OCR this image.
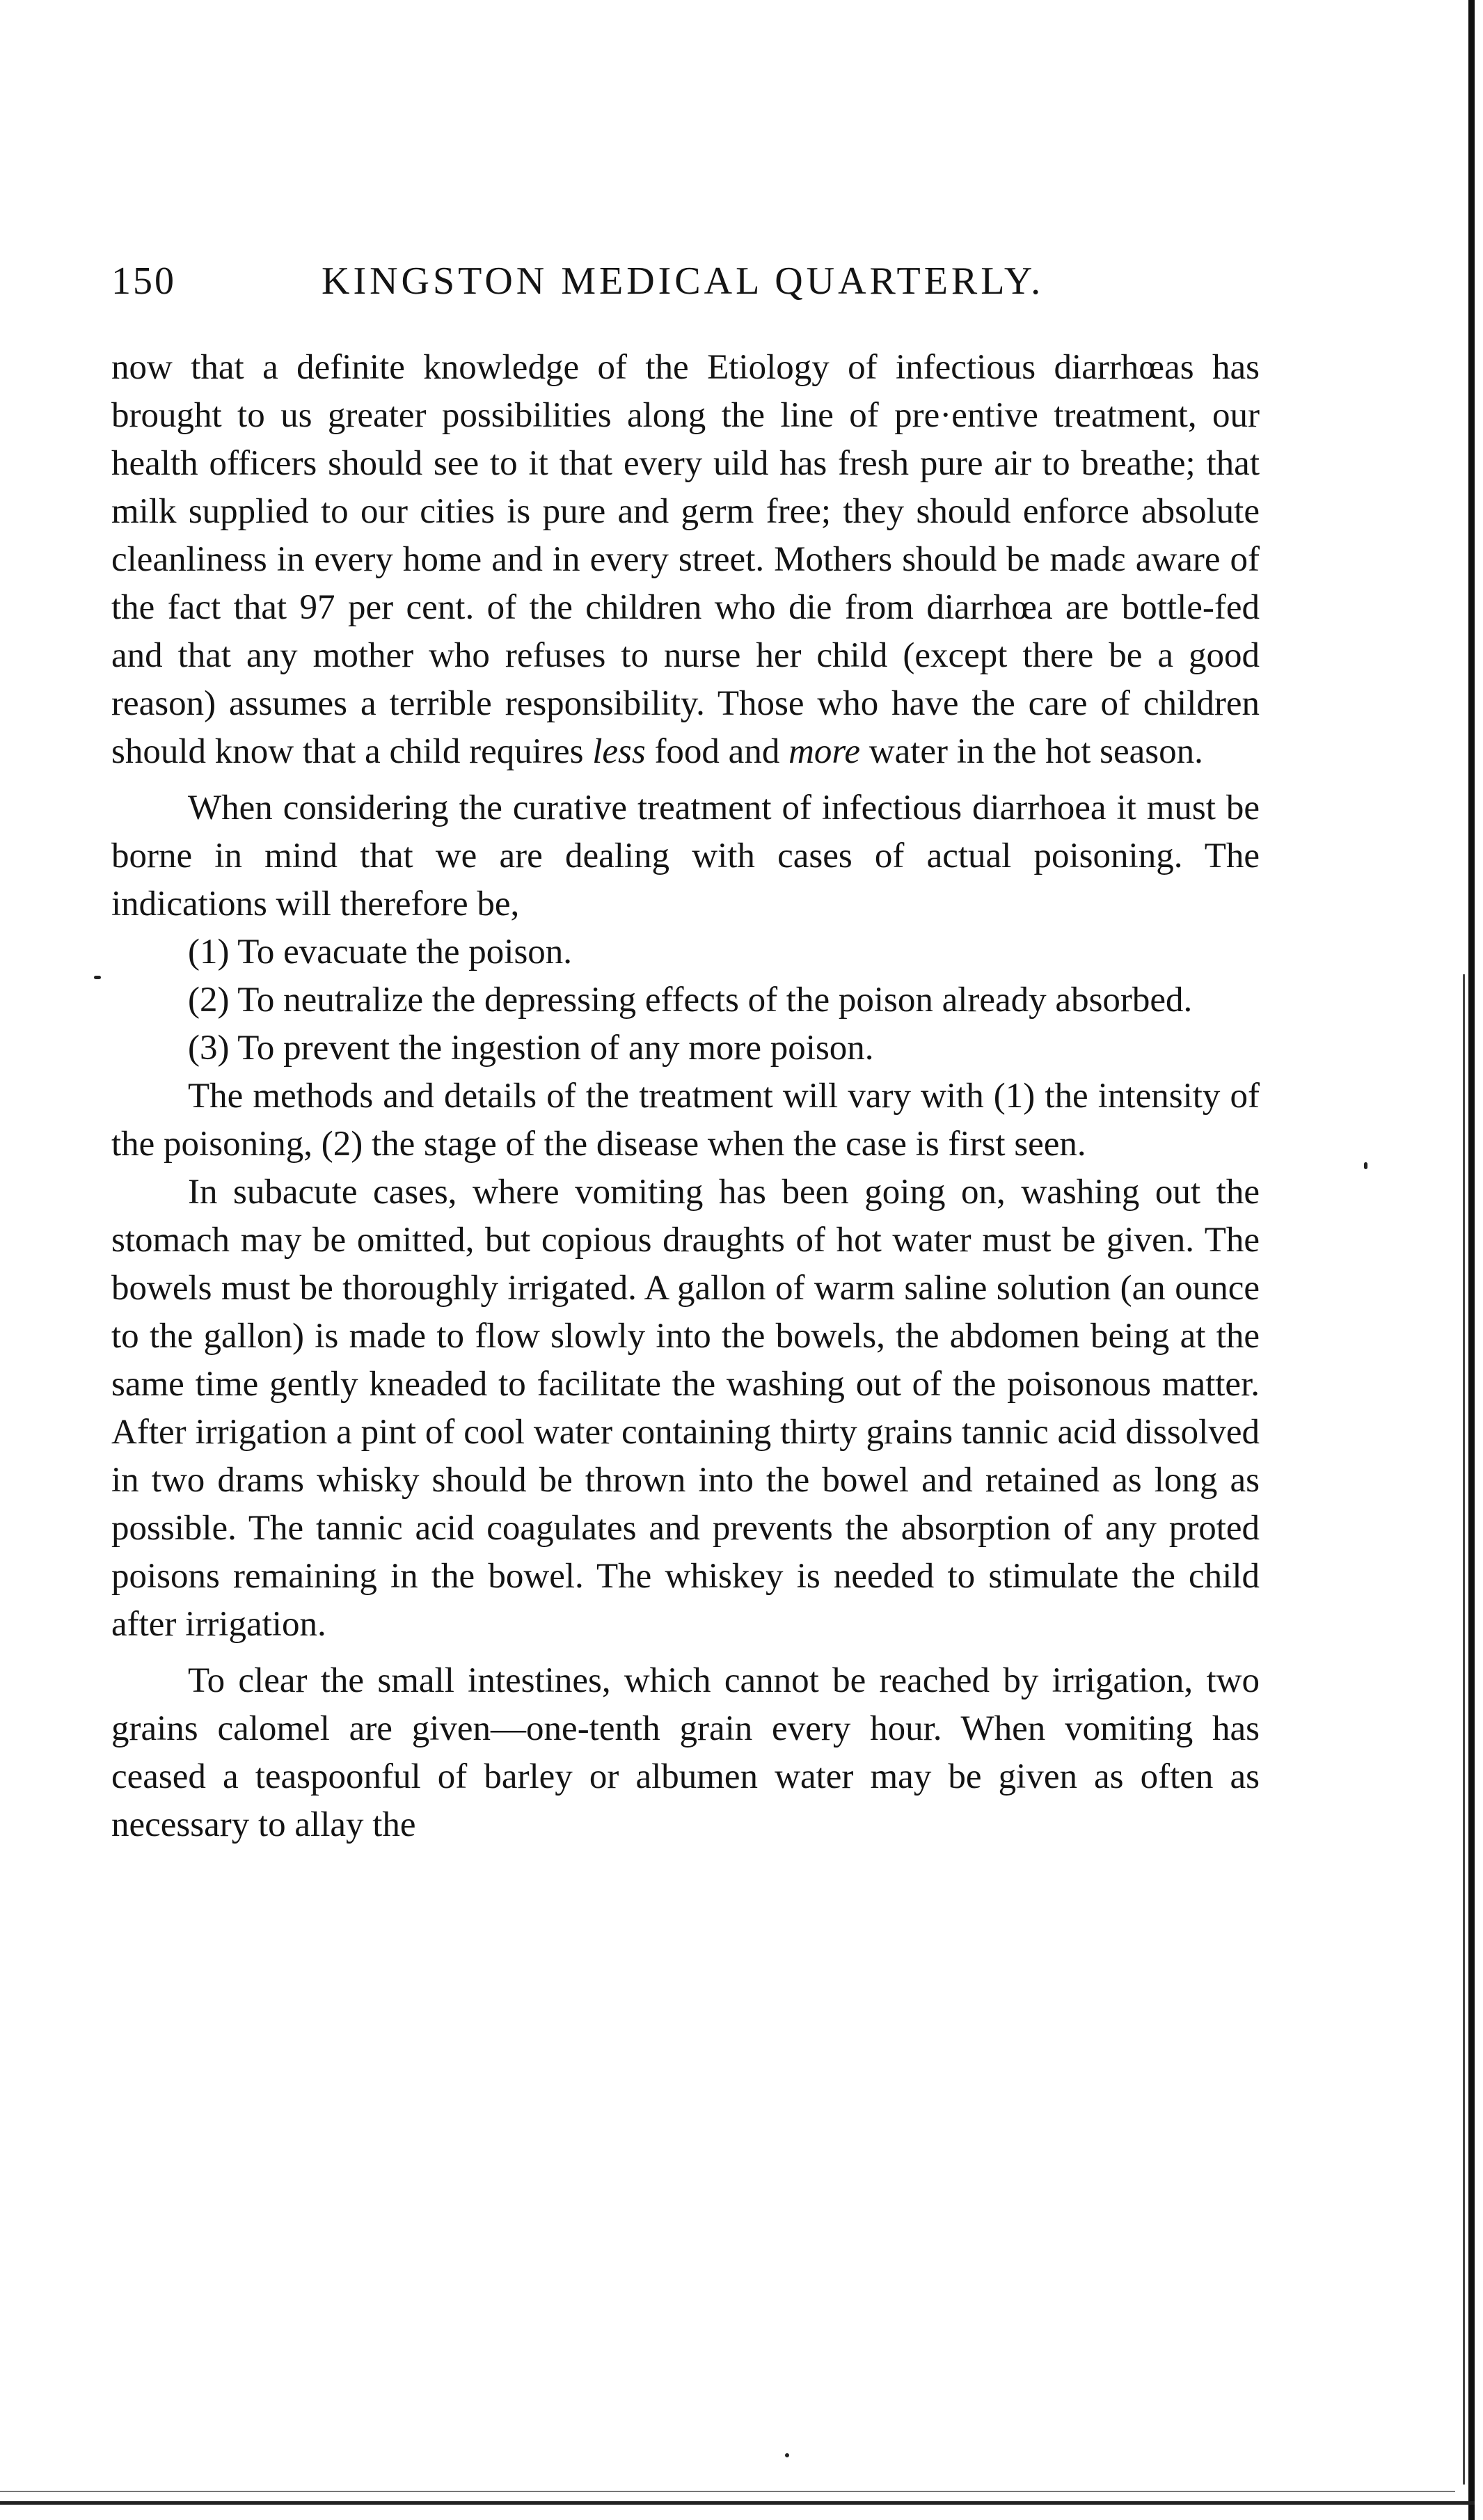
150	KINGSTON MEDICAL QUARTERLY.

now that a definite knowledge of the Etiology of infectious diarrhœas has brought to us greater possibilities along the line of pre·entive treatment, our health officers should see to it that every uild has fresh pure air to breathe; that milk supplied to our cities is pure and germ free; they should enforce absolute cleanliness in every home and in every street. Mothers should be madε aware of the fact that 97 per cent. of the children who die from diarrhœa are bottle-fed and that any mother who refuses to nurse her child (except there be a good reason) assumes a terrible responsibility. Those who have the care of children should know that a child requires less food and more water in the hot season.

When considering the curative treatment of infectious diarrhoea it must be borne in mind that we are dealing with cases of actual poisoning. The indications will therefore be,

(1) To evacuate the poison.

(2) To neutralize the depressing effects of the poison already absorbed.

(3) To prevent the ingestion of any more poison.

The methods and details of the treatment will vary with (1) the intensity of the poisoning, (2) the stage of the disease when the case is first seen.

In subacute cases, where vomiting has been going on, washing out the stomach may be omitted, but copious draughts of hot water must be given. The bowels must be thoroughly irrigated. A gallon of warm saline solution (an ounce to the gallon) is made to flow slowly into the bowels, the abdomen being at the same time gently kneaded to facilitate the washing out of the poisonous matter. After irrigation a pint of cool water containing thirty grains tannic acid dissolved in two drams whisky should be thrown into the bowel and retained as long as possible. The tannic acid coagulates and prevents the absorption of any proted poisons remaining in the bowel. The whiskey is needed to stimulate the child after irrigation.

To clear the small intestines, which cannot be reached by irrigation, two grains calomel are given—one-tenth grain every hour. When vomiting has ceased a teaspoonful of barley or albumen water may be given as often as necessary to allay the
